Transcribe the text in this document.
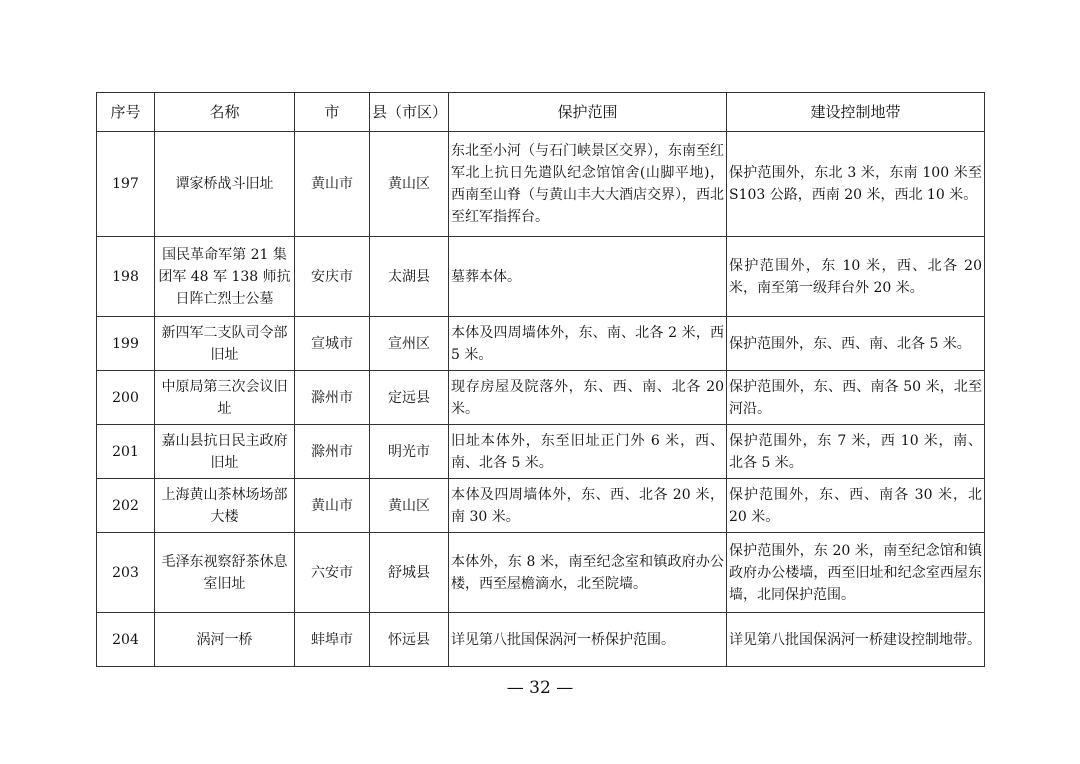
序号	名称	市	县（市区）	保护范围	建设控制地带
197	谭家桥战斗旧址	黄山市	黄山区	东北至小河（与石门峡景区交界），东南至红军北上抗日先遣队纪念馆馆舍(山脚平地)，西南至山脊（与黄山丰大大酒店交界），西北至红军指挥台。	保护范围外，东北 3 米，东南 100 米至 S103 公路，西南 20 米，西北 10 米。
198	国民革命军第 21 集团军 48 军 138 师抗日阵亡烈士公墓	安庆市	太湖县	墓葬本体。	保护范围外，东 10 米，西、北各 20 米，南至第一级拜台外 20 米。
199	新四军二支队司令部旧址	宣城市	宣州区	本体及四周墙体外，东、南、北各 2 米，西 5 米。	保护范围外，东、西、南、北各 5 米。
200	中原局第三次会议旧址	滁州市	定远县	现存房屋及院落外，东、西、南、北各 20 米。	保护范围外，东、西、南各 50 米，北至河沿。
201	嘉山县抗日民主政府旧址	滁州市	明光市	旧址本体外，东至旧址正门外 6 米，西、南、北各 5 米。	保护范围外，东 7 米，西 10 米，南、北各 5 米。
202	上海黄山茶林场场部大楼	黄山市	黄山区	本体及四周墙体外，东、西、北各 20 米，南 30 米。	保护范围外，东、西、南各 30 米，北 20 米。
203	毛泽东视察舒茶休息室旧址	六安市	舒城县	本体外，东 8 米，南至纪念室和镇政府办公楼，西至屋檐滴水，北至院墙。	保护范围外，东 20 米，南至纪念馆和镇政府办公楼墙，西至旧址和纪念室西屋东墙，北同保护范围。
204	涡河一桥	蚌埠市	怀远县	详见第八批国保涡河一桥保护范围。	详见第八批国保涡河一桥建设控制地带。
— 32 —
